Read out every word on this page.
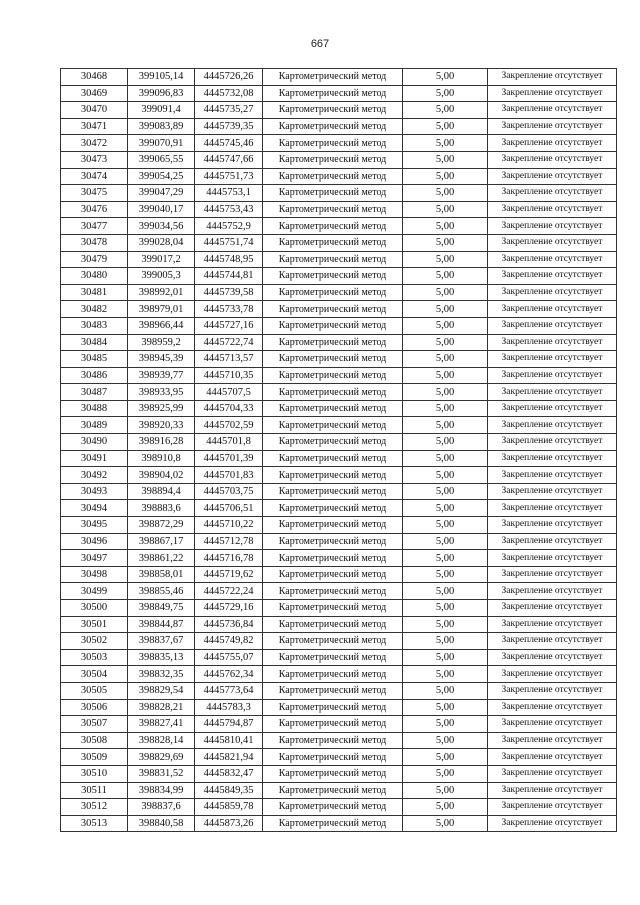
667
30468	399105,14	4445726,26	Картометрический метод	5,00	Закрепление отсутствует
30469	399096,83	4445732,08	Картометрический метод	5,00	Закрепление отсутствует
30470	399091,4	4445735,27	Картометрический метод	5,00	Закрепление отсутствует
30471	399083,89	4445739,35	Картометрический метод	5,00	Закрепление отсутствует
30472	399070,91	4445745,46	Картометрический метод	5,00	Закрепление отсутствует
30473	399065,55	4445747,66	Картометрический метод	5,00	Закрепление отсутствует
30474	399054,25	4445751,73	Картометрический метод	5,00	Закрепление отсутствует
30475	399047,29	4445753,1	Картометрический метод	5,00	Закрепление отсутствует
30476	399040,17	4445753,43	Картометрический метод	5,00	Закрепление отсутствует
30477	399034,56	4445752,9	Картометрический метод	5,00	Закрепление отсутствует
30478	399028,04	4445751,74	Картометрический метод	5,00	Закрепление отсутствует
30479	399017,2	4445748,95	Картометрический метод	5,00	Закрепление отсутствует
30480	399005,3	4445744,81	Картометрический метод	5,00	Закрепление отсутствует
30481	398992,01	4445739,58	Картометрический метод	5,00	Закрепление отсутствует
30482	398979,01	4445733,78	Картометрический метод	5,00	Закрепление отсутствует
30483	398966,44	4445727,16	Картометрический метод	5,00	Закрепление отсутствует
30484	398959,2	4445722,74	Картометрический метод	5,00	Закрепление отсутствует
30485	398945,39	4445713,57	Картометрический метод	5,00	Закрепление отсутствует
30486	398939,77	4445710,35	Картометрический метод	5,00	Закрепление отсутствует
30487	398933,95	4445707,5	Картометрический метод	5,00	Закрепление отсутствует
30488	398925,99	4445704,33	Картометрический метод	5,00	Закрепление отсутствует
30489	398920,33	4445702,59	Картометрический метод	5,00	Закрепление отсутствует
30490	398916,28	4445701,8	Картометрический метод	5,00	Закрепление отсутствует
30491	398910,8	4445701,39	Картометрический метод	5,00	Закрепление отсутствует
30492	398904,02	4445701,83	Картометрический метод	5,00	Закрепление отсутствует
30493	398894,4	4445703,75	Картометрический метод	5,00	Закрепление отсутствует
30494	398883,6	4445706,51	Картометрический метод	5,00	Закрепление отсутствует
30495	398872,29	4445710,22	Картометрический метод	5,00	Закрепление отсутствует
30496	398867,17	4445712,78	Картометрический метод	5,00	Закрепление отсутствует
30497	398861,22	4445716,78	Картометрический метод	5,00	Закрепление отсутствует
30498	398858,01	4445719,62	Картометрический метод	5,00	Закрепление отсутствует
30499	398855,46	4445722,24	Картометрический метод	5,00	Закрепление отсутствует
30500	398849,75	4445729,16	Картометрический метод	5,00	Закрепление отсутствует
30501	398844,87	4445736,84	Картометрический метод	5,00	Закрепление отсутствует
30502	398837,67	4445749,82	Картометрический метод	5,00	Закрепление отсутствует
30503	398835,13	4445755,07	Картометрический метод	5,00	Закрепление отсутствует
30504	398832,35	4445762,34	Картометрический метод	5,00	Закрепление отсутствует
30505	398829,54	4445773,64	Картометрический метод	5,00	Закрепление отсутствует
30506	398828,21	4445783,3	Картометрический метод	5,00	Закрепление отсутствует
30507	398827,41	4445794,87	Картометрический метод	5,00	Закрепление отсутствует
30508	398828,14	4445810,41	Картометрический метод	5,00	Закрепление отсутствует
30509	398829,69	4445821,94	Картометрический метод	5,00	Закрепление отсутствует
30510	398831,52	4445832,47	Картометрический метод	5,00	Закрепление отсутствует
30511	398834,99	4445849,35	Картометрический метод	5,00	Закрепление отсутствует
30512	398837,6	4445859,78	Картометрический метод	5,00	Закрепление отсутствует
30513	398840,58	4445873,26	Картометрический метод	5,00	Закрепление отсутствует
